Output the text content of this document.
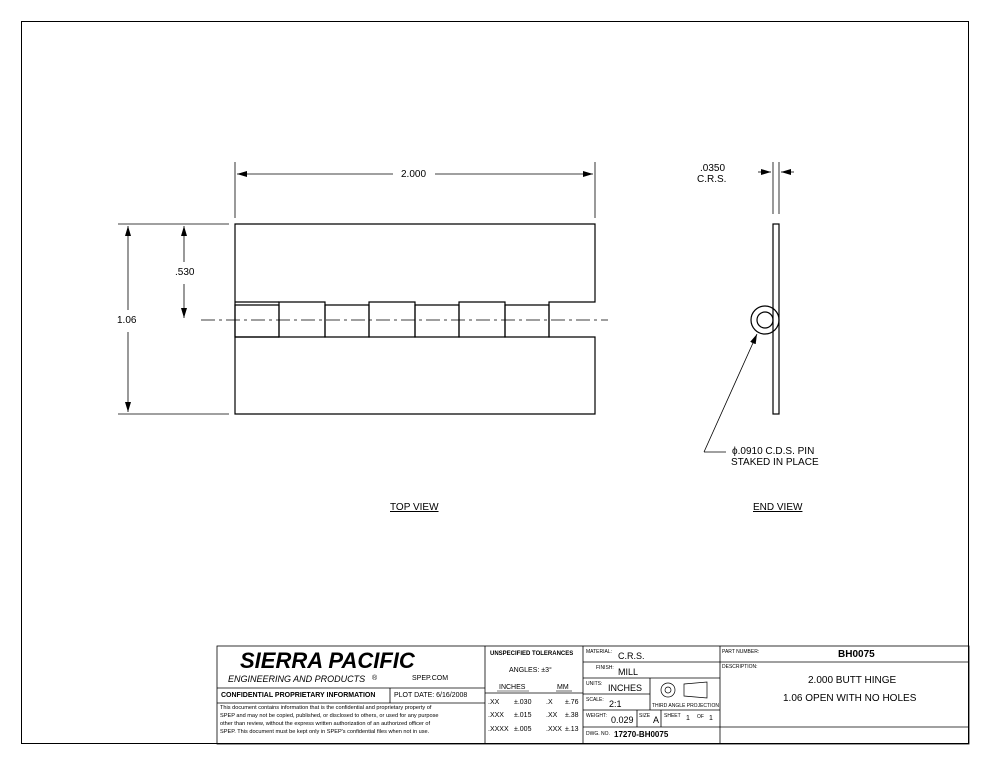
2.000
1.06
.530
TOP VIEW
.0350
C.R.S.
ϕ.0910 C.D.S. PIN
STAKED IN PLACE
END VIEW
SIERRA PACIFIC
ENGINEERING AND PRODUCTS ®	SPEP.COM
CONFIDENTIAL PROPRIETARY INFORMATION	PLOT DATE: 6/16/2008
This document contains information that is the confidential and proprietary property of
SPEP and may not be copied, published, or disclosed to others, or used for any purpose
other than review, without the express written authorization of an authorized officer of
SPEP. This document must be kept only in SPEP's confidential files when not in use.
UNSPECIFIED TOLERANCES
ANGLES: ±3°
INCHES	MM
.XX ±.030 .X ±.76
.XXX ±.015 .XX ±.38
.XXXX ±.005 .XXX ±.13
MATERIAL: C.R.S.
FINISH: MILL
UNITS: INCHES
SCALE: 2:1	THIRD ANGLE PROJECTION
WEIGHT: 0.029 SIZE A SHEET 1 OF 1
DWG. NO. 17270-BH0075
PART NUMBER:	BH0075
DESCRIPTION:
2.000 BUTT HINGE
1.06 OPEN WITH NO HOLES
